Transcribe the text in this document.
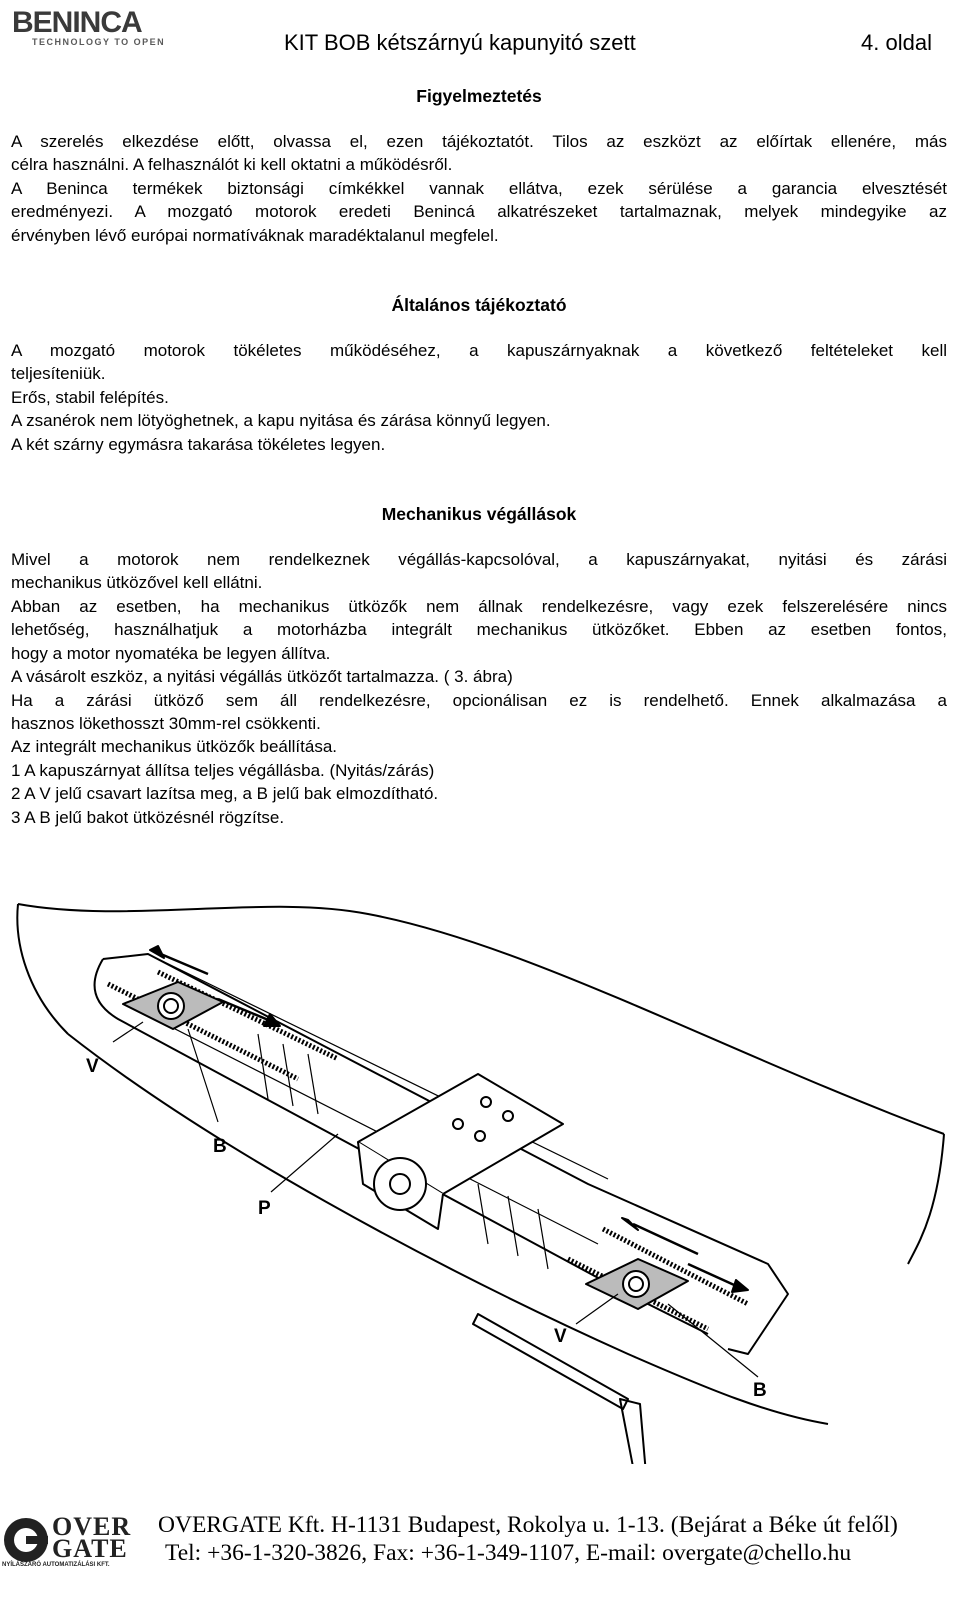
BENINCA
TECHNOLOGY TO OPEN	KIT BOB kétszárnyú kapunyitó szett	4. oldal
Figyelmeztetés

A szerelés elkezdése előtt, olvassa el, ezen tájékoztatót. Tilos az eszközt az előírtak ellenére, más
célra használni. A felhasználót ki kell oktatni a működésről.
A Beninca termékek biztonsági címkékkel vannak ellátva, ezek sérülése a garancia elvesztését
eredményezi. A mozgató motorok eredeti Benincá alkatrészeket tartalmaznak, melyek mindegyike az
érvényben lévő európai normatíváknak maradéktalanul megfelel.

Általános tájékoztató

A mozgató motorok tökéletes működéséhez, a kapuszárnyaknak a következő feltételeket kell
teljesíteniük.
Erős, stabil felépítés.
A zsanérok nem lötyöghetnek, a kapu nyitása és zárása könnyű legyen.
A két szárny egymásra takarása tökéletes legyen.

Mechanikus végállások

Mivel a motorok nem rendelkeznek végállás-kapcsolóval, a kapuszárnyakat, nyitási és zárási
mechanikus ütközővel kell ellátni.
Abban az esetben, ha mechanikus ütközők nem állnak rendelkezésre, vagy ezek felszerelésére nincs
lehetőség, használhatjuk a motorházba integrált mechanikus ütközőket. Ebben az esetben fontos,
hogy a motor nyomatéka be legyen állítva.
A vásárolt eszköz, a nyitási végállás ütközőt tartalmazza. ( 3. ábra)
Ha a zárási ütköző sem áll rendelkezésre, opcionálisan ez is rendelhető. Ennek alkalmazása a
hasznos lökethosszt 30mm-rel csökkenti.
Az integrált mechanikus ütközők beállítása.
1 A kapuszárnyat állítsa teljes végállásba. (Nyitás/zárás)
2 A V jelű csavart lazítsa meg, a B jelű bak elmozdítható.
3 A B jelű bakot ütközésnél rögzítse.

V
B
P
V
B
OVER
GATE
NYÍLÁSZÁRÓ AUTOMATIZÁLÁSI KFT.
OVERGATE Kft. H-1131 Budapest, Rokolya u. 1-13. (Bejárat a Béke út felől)
Tel: +36-1-320-3826, Fax: +36-1-349-1107, E-mail: overgate@chello.hu
